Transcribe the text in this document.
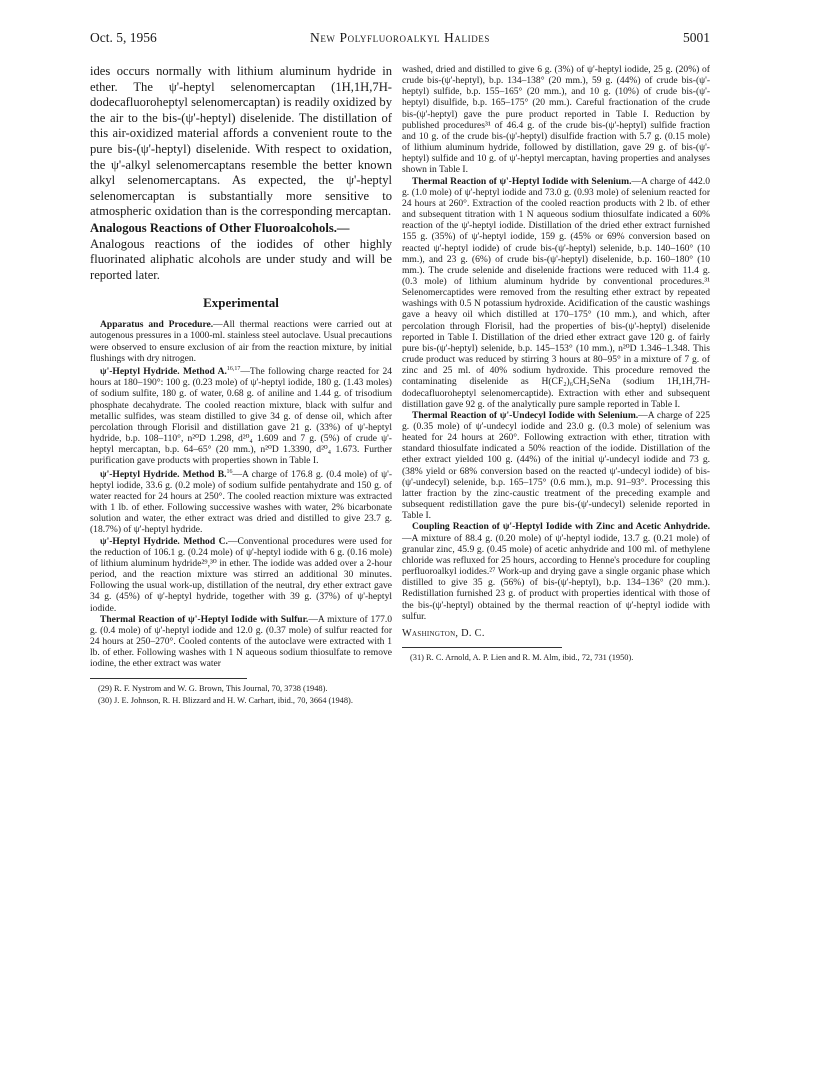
Oct. 5, 1956	New Polyfluoroalkyl Halides	5001

ides occurs normally with lithium aluminum hydride in ether. The ψ'-heptyl selenomercaptan (1H,1H,7H-dodecafluoroheptyl selenomercaptan) is readily oxidized by the air to the bis-(ψ'-heptyl) diselenide. The distillation of this air-oxidized material affords a convenient route to the pure bis-(ψ'-heptyl) diselenide. With respect to oxidation, the ψ'-alkyl selenomercaptans resemble the better known alkyl selenomercaptans. As expected, the ψ'-heptyl selenomercaptan is substantially more sensitive to atmospheric oxidation than is the corresponding mercaptan.

Analogous Reactions of Other Fluoroalcohols.—

Analogous reactions of the iodides of other highly fluorinated aliphatic alcohols are under study and will be reported later.

Experimental

Apparatus and Procedure.—All thermal reactions were carried out at autogenous pressures in a 1000-ml. stainless steel autoclave. Usual precautions were observed to ensure exclusion of air from the reaction mixture, by initial flushings with dry nitrogen.

ψ'-Heptyl Hydride. Method A.$^{16,17}$—The following charge reacted for 24 hours at 180–190°: 100 g. (0.23 mole) of ψ'-heptyl iodide, 180 g. (1.43 moles) of sodium sulfite, 180 g. of water, 0.68 g. of aniline and 1.44 g. of trisodium phosphate decahydrate. The cooled reaction mixture, black with sulfur and metallic sulfides, was steam distilled to give 34 g. of dense oil, which after percolation through Florisil and distillation gave 21 g. (33%) of ψ'-heptyl hydride, b.p. 108–110°, n²⁰D 1.298, d²⁰₄ 1.609 and 7 g. (5%) of crude ψ'-heptyl mercaptan, b.p. 64–65° (20 mm.), n²⁰D 1.3390, d²⁰₄ 1.673. Further purification gave products with properties shown in Table I.

ψ'-Heptyl Hydride. Method B.$^{16}$—A charge of 176.8 g. (0.4 mole) of ψ'-heptyl iodide, 33.6 g. (0.2 mole) of sodium sulfide pentahydrate and 150 g. of water reacted for 24 hours at 250°. The cooled reaction mixture was extracted with 1 lb. of ether. Following successive washes with water, 2% bicarbonate solution and water, the ether extract was dried and distilled to give 23.7 g. (18.7%) of ψ'-heptyl hydride.

ψ'-Heptyl Hydride. Method C.—Conventional procedures were used for the reduction of 106.1 g. (0.24 mole) of ψ'-heptyl iodide with 6 g. (0.16 mole) of lithium aluminum hydride²⁹,³⁰ in ether. The iodide was added over a 2-hour period, and the reaction mixture was stirred an additional 30 minutes. Following the usual work-up, distillation of the neutral, dry ether extract gave 34 g. (45%) of ψ'-heptyl hydride, together with 39 g. (37%) of ψ'-heptyl iodide.

Thermal Reaction of ψ'-Heptyl Iodide with Sulfur.—A mixture of 177.0 g. (0.4 mole) of ψ'-heptyl iodide and 12.0 g. (0.37 mole) of sulfur reacted for 24 hours at 250–270°. Cooled contents of the autoclave were extracted with 1 lb. of ether. Following washes with 1 N aqueous sodium thiosulfate to remove iodine, the ether extract was water

(29) R. F. Nystrom and W. G. Brown, This Journal, 70, 3738 (1948).

(30) J. E. Johnson, R. H. Blizzard and H. W. Carhart, ibid., 70, 3664 (1948).

washed, dried and distilled to give 6 g. (3%) of ψ'-heptyl iodide, 25 g. (20%) of crude bis-(ψ'-heptyl), b.p. 134–138° (20 mm.), 59 g. (44%) of crude bis-(ψ'-heptyl) sulfide, b.p. 155–165° (20 mm.), and 10 g. (10%) of crude bis-(ψ'-heptyl) disulfide, b.p. 165–175° (20 mm.). Careful fractionation of the crude bis-(ψ'-heptyl) gave the pure product reported in Table I. Reduction by published procedures³¹ of 46.4 g. of the crude bis-(ψ'-heptyl) sulfide fraction and 10 g. of the crude bis-(ψ'-heptyl) disulfide fraction with 5.7 g. (0.15 mole) of lithium aluminum hydride, followed by distillation, gave 29 g. of bis-(ψ'-heptyl) sulfide and 10 g. of ψ'-heptyl mercaptan, having properties and analyses shown in Table I.

Thermal Reaction of ψ'-Heptyl Iodide with Selenium.—A charge of 442.0 g. (1.0 mole) of ψ'-heptyl iodide and 73.0 g. (0.93 mole) of selenium reacted for 24 hours at 260°. Extraction of the cooled reaction products with 2 lb. of ether and subsequent titration with 1 N aqueous sodium thiosulfate indicated a 60% reaction of the ψ'-heptyl iodide. Distillation of the dried ether extract furnished 155 g. (35%) of ψ'-heptyl iodide, 159 g. (45% or 69% conversion based on reacted ψ'-heptyl iodide) of crude bis-(ψ'-heptyl) selenide, b.p. 140–160° (10 mm.), and 23 g. (6%) of crude bis-(ψ'-heptyl) diselenide, b.p. 160–180° (10 mm.). The crude selenide and diselenide fractions were reduced with 11.4 g. (0.3 mole) of lithium aluminum hydride by conventional procedures.³¹ Selenomercaptides were removed from the resulting ether extract by repeated washings with 0.5 N potassium hydroxide. Acidification of the caustic washings gave a heavy oil which distilled at 170–175° (10 mm.), and which, after percolation through Florisil, had the properties of bis-(ψ'-heptyl) diselenide reported in Table I. Distillation of the dried ether extract gave 120 g. of fairly pure bis-(ψ'-heptyl) selenide, b.p. 145–153° (10 mm.), n²⁰D 1.346–1.348. This crude product was reduced by stirring 3 hours at 80–95° in a mixture of 7 g. of zinc and 25 ml. of 40% sodium hydroxide. This procedure removed the contaminating diselenide as H(CF₂)₆CH₂SeNa (sodium 1H,1H,7H-dodecafluoroheptyl selenomercaptide). Extraction with ether and subsequent distillation gave 92 g. of the analytically pure sample reported in Table I.

Thermal Reaction of ψ'-Undecyl Iodide with Selenium.—A charge of 225 g. (0.35 mole) of ψ'-undecyl iodide and 23.0 g. (0.3 mole) of selenium was heated for 24 hours at 260°. Following extraction with ether, titration with standard thiosulfate indicated a 50% reaction of the iodide. Distillation of the ether extract yielded 100 g. (44%) of the initial ψ'-undecyl iodide and 73 g. (38% yield or 68% conversion based on the reacted ψ'-undecyl iodide) of bis-(ψ'-undecyl) selenide, b.p. 165–175° (0.6 mm.), m.p. 91–93°. Processing this latter fraction by the zinc-caustic treatment of the preceding example and subsequent redistillation gave the pure bis-(ψ'-undecyl) selenide reported in Table I.

Coupling Reaction of ψ'-Heptyl Iodide with Zinc and Acetic Anhydride.—A mixture of 88.4 g. (0.20 mole) of ψ'-heptyl iodide, 13.7 g. (0.21 mole) of granular zinc, 45.9 g. (0.45 mole) of acetic anhydride and 100 ml. of methylene chloride was refluxed for 25 hours, according to Henne's procedure for coupling perfluoroalkyl iodides.²⁷ Work-up and drying gave a single organic phase which distilled to give 35 g. (56%) of bis-(ψ'-heptyl), b.p. 134–136° (20 mm.). Redistillation furnished 23 g. of product with properties identical with those of the bis-(ψ'-heptyl) obtained by the thermal reaction of ψ'-heptyl iodide with sulfur.

Washington, D. C.

(31) R. C. Arnold, A. P. Lien and R. M. Alm, ibid., 72, 731 (1950).
